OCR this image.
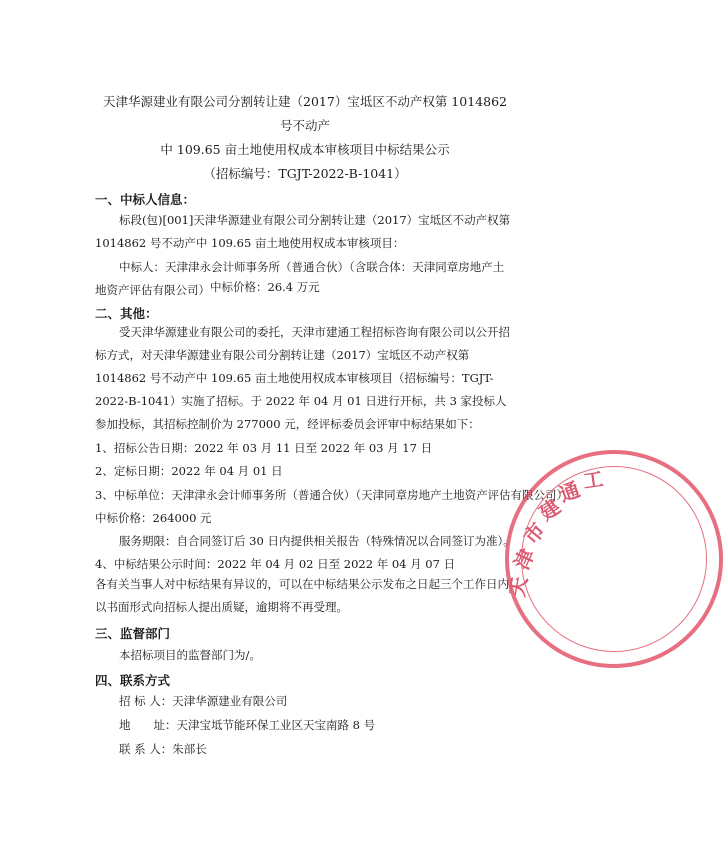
天津华源建业有限公司分割转让建（2017）宝坻区不动产权第 1014862 号不动产
中 109.65 亩土地使用权成本审核项目中标结果公示
（招标编号：TGJT-2022-B-1041）
一、中标人信息：
标段(包)[001]天津华源建业有限公司分割转让建（2017）宝坻区不动产权第 1014862 号不动产中 109.65 亩土地使用权成本审核项目：
中标人：天津津永会计师事务所（普通合伙）（含联合体：天津同章房地产土地资产评估有限公司） 中标价格：26.4 万元
二、其他：
受天津华源建业有限公司的委托，天津市建通工程招标咨询有限公司以公开招标方式，对天津华源建业有限公司分割转让建（2017）宝坻区不动产权第 1014862 号不动产中 109.65 亩土地使用权成本审核项目（招标编号：TGJT-2022-B-1041）实施了招标。于 2022 年 04 月 01 日进行开标，共 3 家投标人参加投标，其招标控制价为 277000 元，经评标委员会评审中标结果如下：
1、招标公告日期：2022 年 03 月 11 日至 2022 年 03 月 17 日
2、定标日期：2022 年 04 月 01 日
3、中标单位：天津津永会计师事务所（普通合伙）（天津同章房地产土地资产评估有限公司）
中标价格：264000 元
服务期限：自合同签订后 30 日内提供相关报告（特殊情况以合同签订为准）。
4、中标结果公示时间：2022 年 04 月 02 日至 2022 年 04 月 07 日
各有关当事人对中标结果有异议的，可以在中标结果公示发布之日起三个工作日内以书面形式向招标人提出质疑，逾期将不再受理。
三、监督部门
本招标项目的监督部门为/。
四、联系方式
招 标 人：天津华源建业有限公司
地　　址：天津宝坻节能环保工业区天宝南路 8 号
联 系 人：朱部长
天
津
市
建
通
工
